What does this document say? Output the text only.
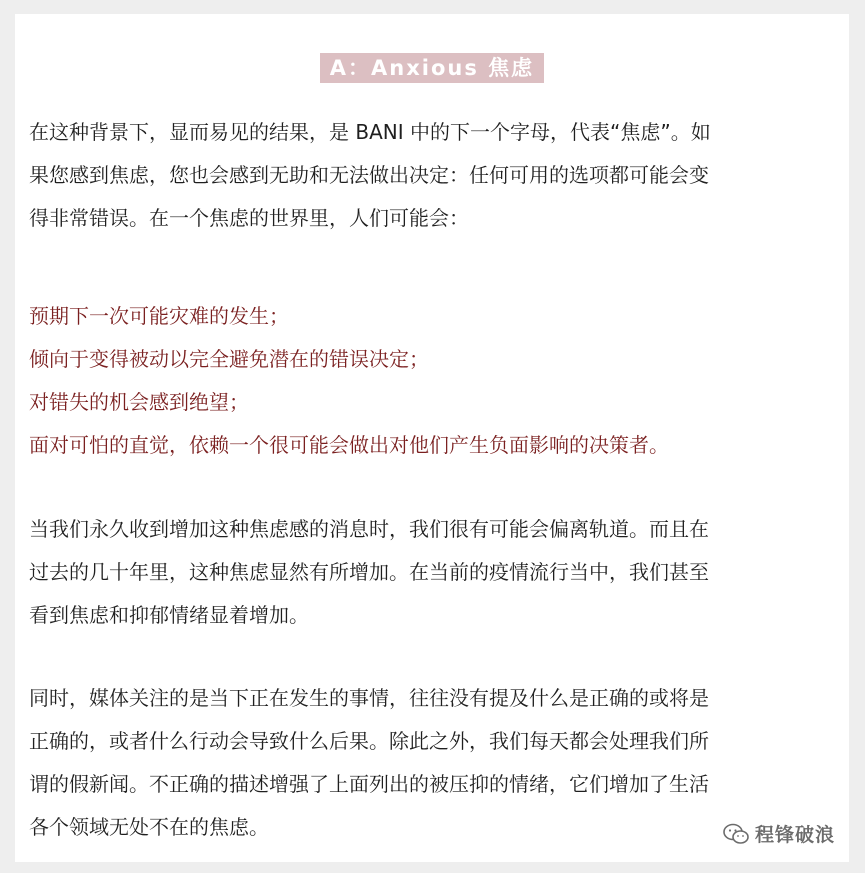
A：Anxious 焦虑

在这种背景下，显而易见的结果，是 BANI 中的下一个字母，代表“焦虑”。如
果您感到焦虑，您也会感到无助和无法做出决定：任何可用的选项都可能会变
得非常错误。在一个焦虑的世界里，人们可能会：

预期下一次可能灾难的发生；
倾向于变得被动以完全避免潜在的错误决定；
对错失的机会感到绝望；
面对可怕的直觉，依赖一个很可能会做出对他们产生负面影响的决策者。

当我们永久收到增加这种焦虑感的消息时，我们很有可能会偏离轨道。而且在
过去的几十年里，这种焦虑显然有所增加。在当前的疫情流行当中，我们甚至
看到焦虑和抑郁情绪显着增加。

同时，媒体关注的是当下正在发生的事情，往往没有提及什么是正确的或将是
正确的，或者什么行动会导致什么后果。除此之外，我们每天都会处理我们所
谓的假新闻。不正确的描述增强了上面列出的被压抑的情绪，它们增加了生活
各个领域无处不在的焦虑。	程锋破浪
